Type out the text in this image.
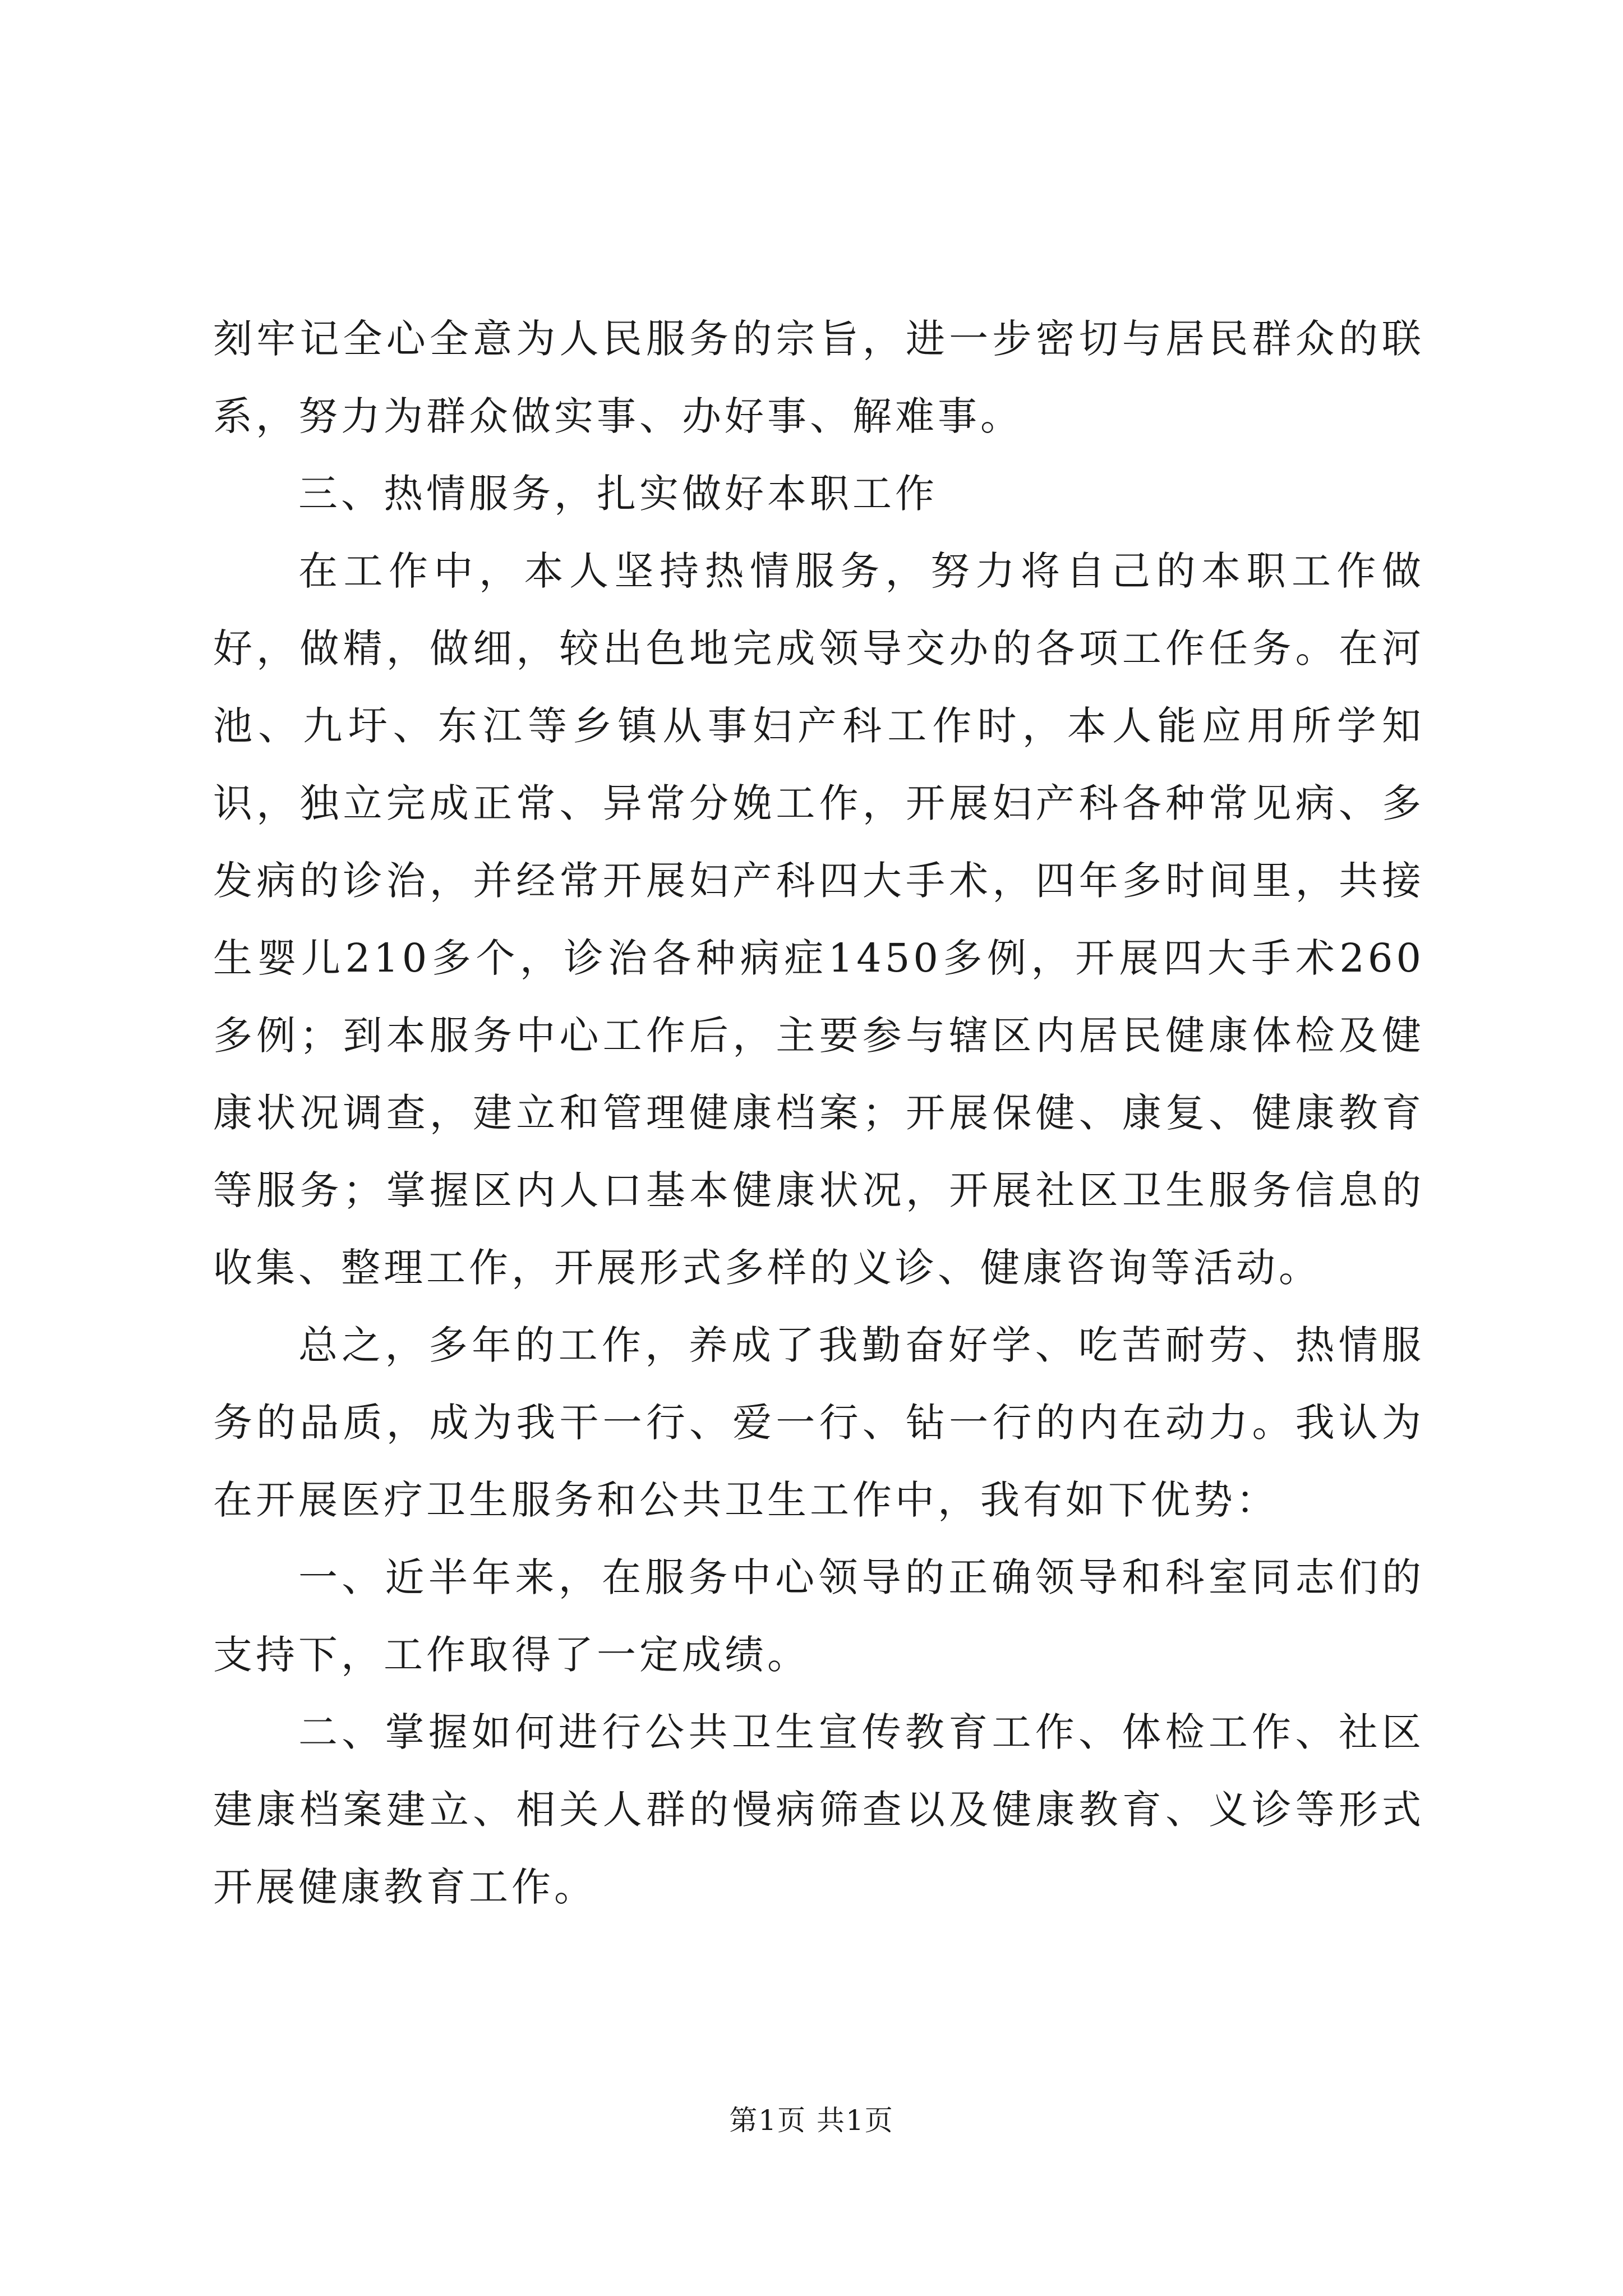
刻牢记全心全意为人民服务的宗旨，进一步密切与居民群众的联系，努力为群众做实事、办好事、解难事。

三、热情服务，扎实做好本职工作

在工作中，本人坚持热情服务，努力将自己的本职工作做好，做精，做细，较出色地完成领导交办的各项工作任务。在河池、九圩、东江等乡镇从事妇产科工作时，本人能应用所学知识，独立完成正常、异常分娩工作，开展妇产科各种常见病、多发病的诊治，并经常开展妇产科四大手术，四年多时间里，共接生婴儿210多个，诊治各种病症1450多例，开展四大手术260多例；到本服务中心工作后，主要参与辖区内居民健康体检及健康状况调查，建立和管理健康档案；开展保健、康复、健康教育等服务；掌握区内人口基本健康状况，开展社区卫生服务信息的收集、整理工作，开展形式多样的义诊、健康咨询等活动。

总之，多年的工作，养成了我勤奋好学、吃苦耐劳、热情服务的品质，成为我干一行、爱一行、钻一行的内在动力。我认为在开展医疗卫生服务和公共卫生工作中，我有如下优势：

一、近半年来，在服务中心领导的正确领导和科室同志们的支持下，工作取得了一定成绩。

二、掌握如何进行公共卫生宣传教育工作、体检工作、社区建康档案建立、相关人群的慢病筛查以及健康教育、义诊等形式开展健康教育工作。

第1页 共1页
